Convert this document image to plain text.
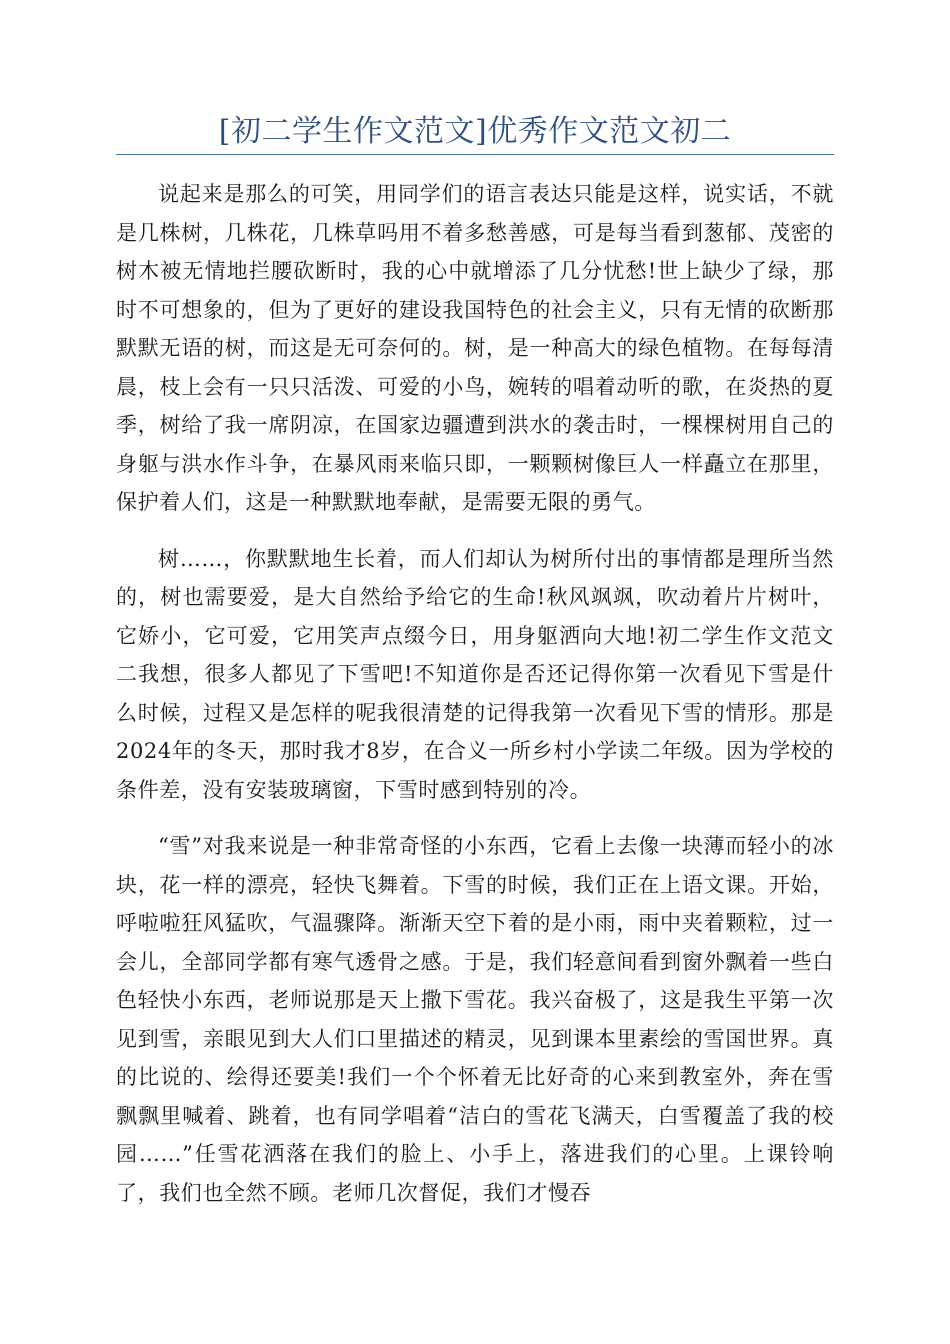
[初二学生作文范文]优秀作文范文初二

说起来是那么的可笑，用同学们的语言表达只能是这样，说实话，不就是几株树，几株花，几株草吗用不着多愁善感，可是每当看到葱郁、茂密的树木被无情地拦腰砍断时，我的心中就增添了几分忧愁!世上缺少了绿，那时不可想象的，但为了更好的建设我国特色的社会主义，只有无情的砍断那默默无语的树，而这是无可奈何的。树，是一种高大的绿色植物。在每每清晨，枝上会有一只只活泼、可爱的小鸟，婉转的唱着动听的歌，在炎热的夏季，树给了我一席阴凉，在国家边疆遭到洪水的袭击时，一棵棵树用自己的身躯与洪水作斗争，在暴风雨来临只即，一颗颗树像巨人一样矗立在那里，保护着人们，这是一种默默地奉献，是需要无限的勇气。

树……，你默默地生长着，而人们却认为树所付出的事情都是理所当然的，树也需要爱，是大自然给予给它的生命!秋风飒飒，吹动着片片树叶，它娇小，它可爱，它用笑声点缀今日，用身躯洒向大地!初二学生作文范文二我想，很多人都见了下雪吧!不知道你是否还记得你第一次看见下雪是什么时候，过程又是怎样的呢我很清楚的记得我第一次看见下雪的情形。那是2024年的冬天，那时我才8岁，在合义一所乡村小学读二年级。因为学校的条件差，没有安装玻璃窗，下雪时感到特别的冷。

“雪”对我来说是一种非常奇怪的小东西，它看上去像一块薄而轻小的冰块，花一样的漂亮，轻快飞舞着。下雪的时候，我们正在上语文课。开始，呼啦啦狂风猛吹，气温骤降。渐渐天空下着的是小雨，雨中夹着颗粒，过一会儿，全部同学都有寒气透骨之感。于是，我们轻意间看到窗外飘着一些白色轻快小东西，老师说那是天上撒下雪花。我兴奋极了，这是我生平第一次见到雪，亲眼见到大人们口里描述的精灵，见到课本里素绘的雪国世界。真的比说的、绘得还要美!我们一个个怀着无比好奇的心来到教室外，奔在雪飘飘里喊着、跳着，也有同学唱着“洁白的雪花飞满天，白雪覆盖了我的校园……”任雪花洒落在我们的脸上、小手上，落进我们的心里。上课铃响了，我们也全然不顾。老师几次督促，我们才慢吞
